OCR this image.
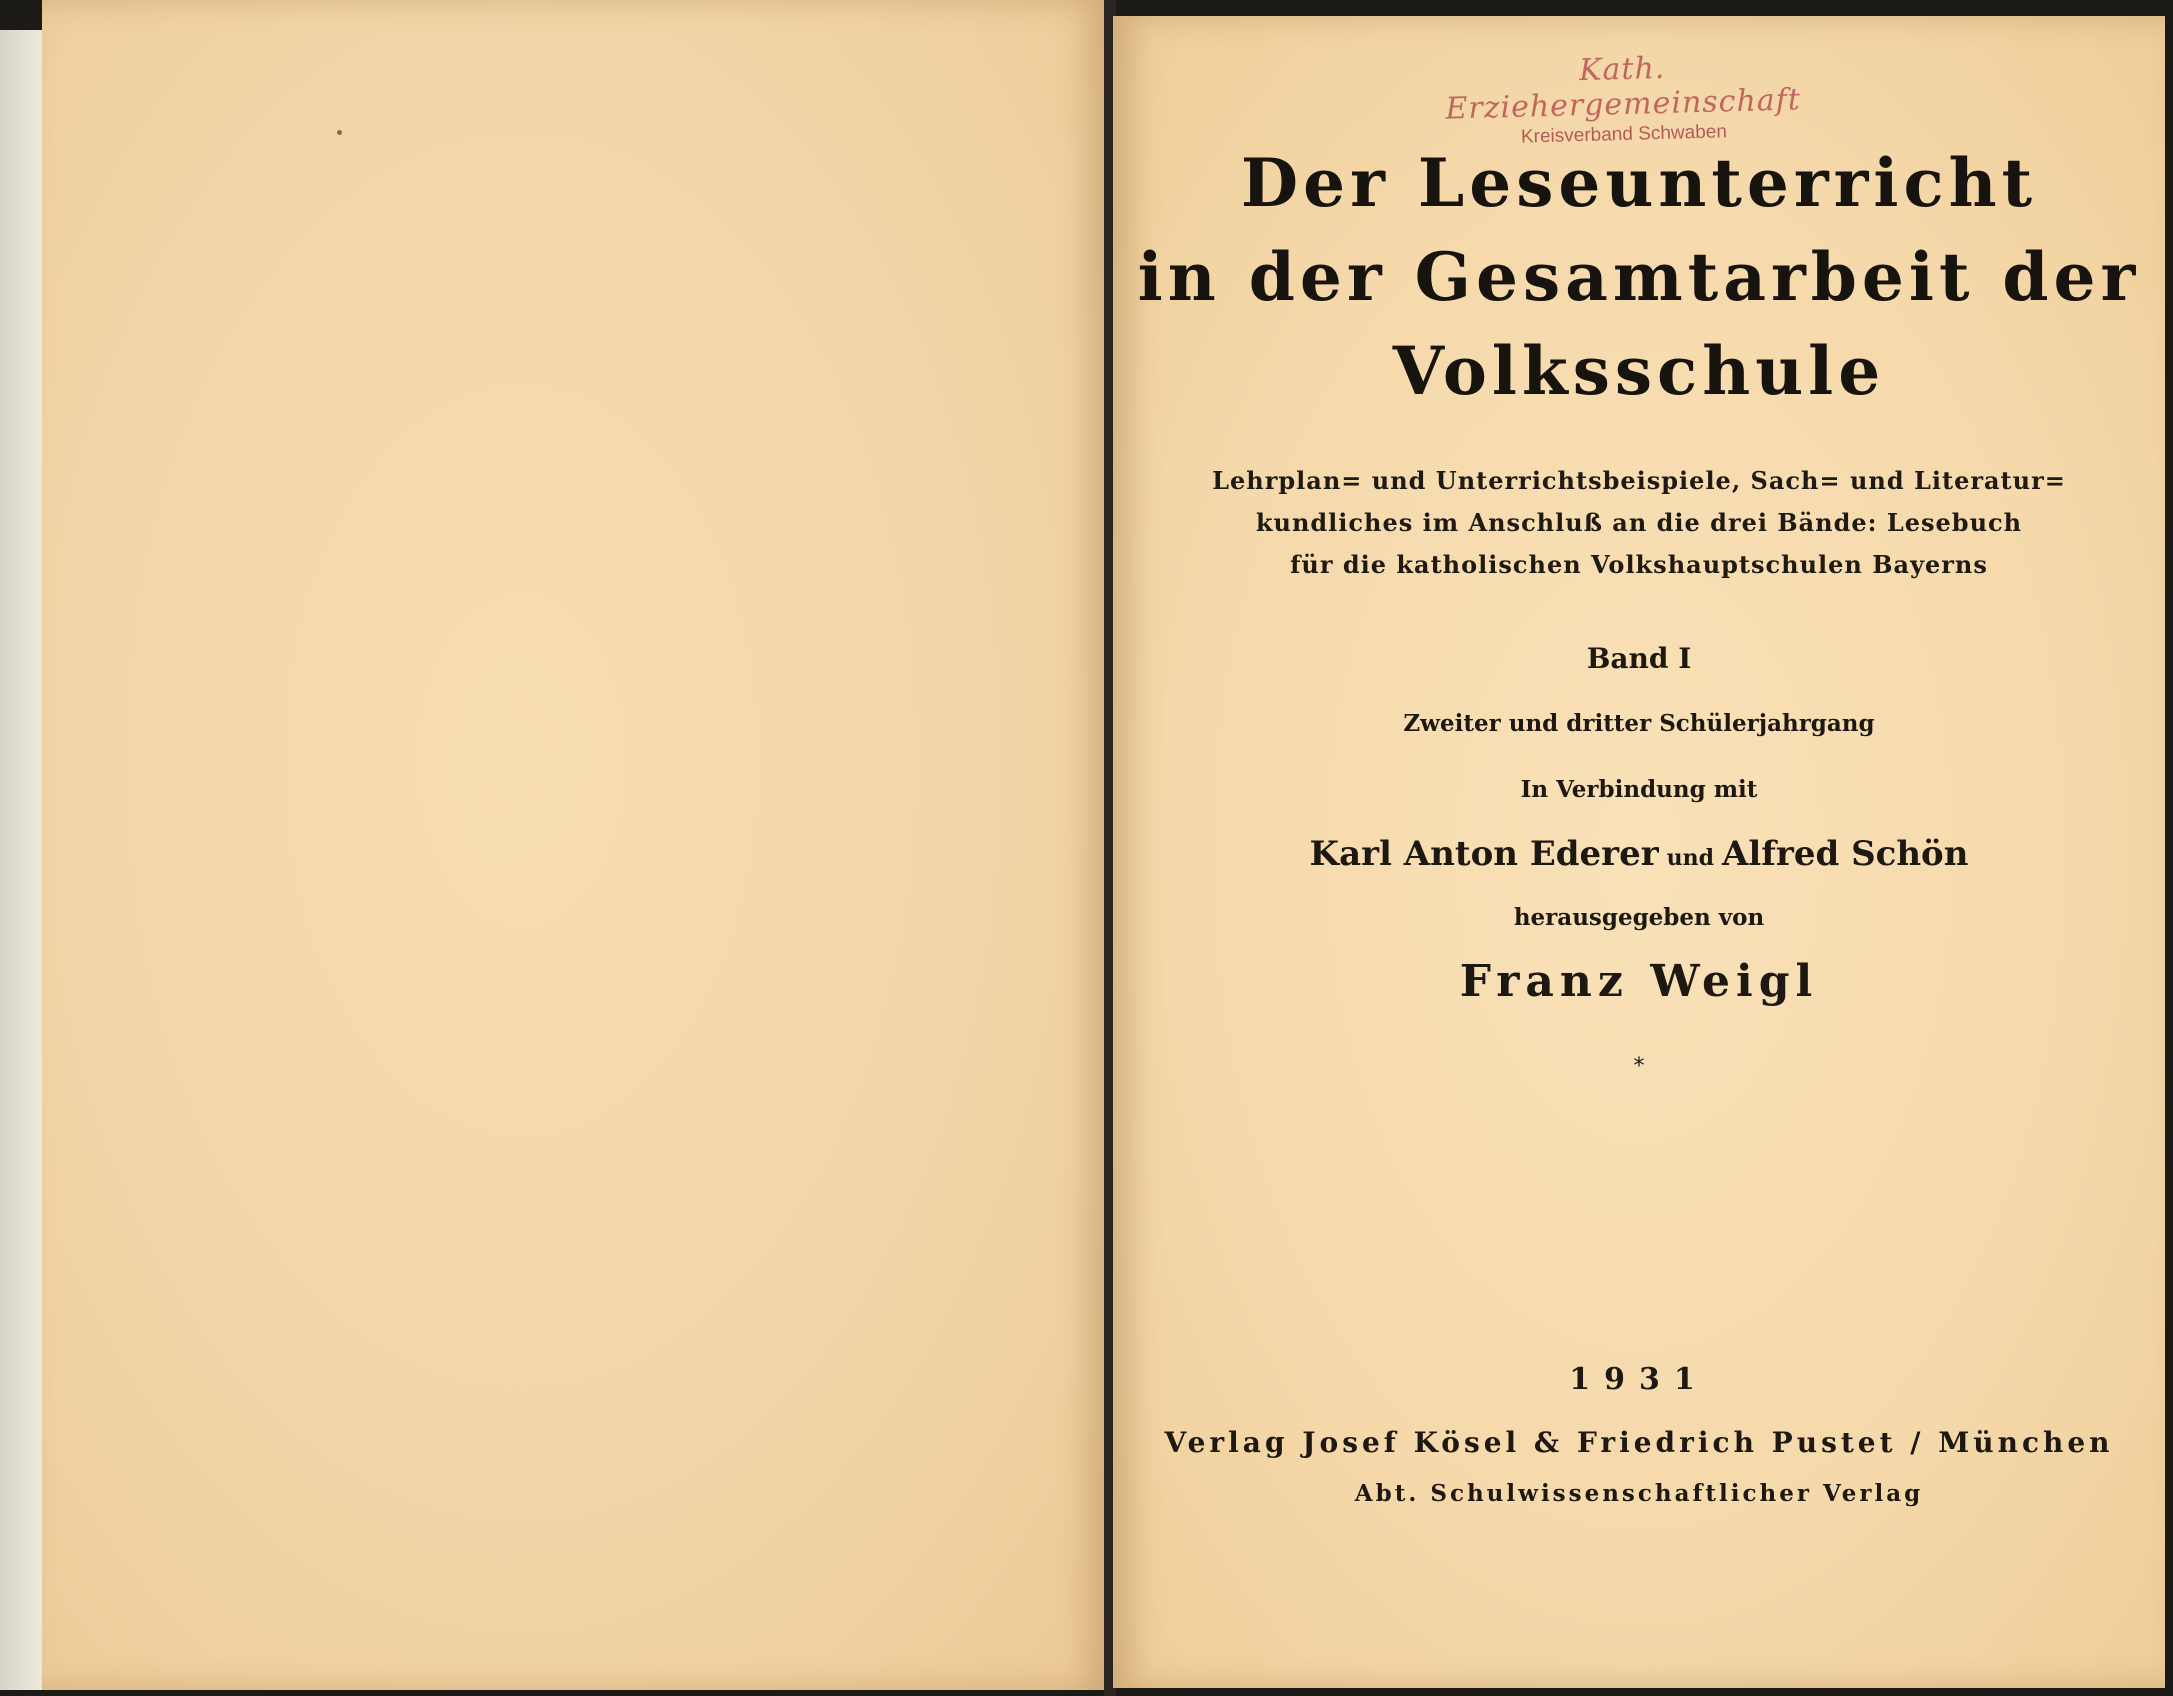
Kath. Erziehergemeinschaft
Kreisverband Schwaben
Der Leseunterricht
in der Gesamtarbeit der
Volksschule
Lehrplan= und Unterrichtsbeispiele, Sach= und Literatur=
kundliches im Anschluß an die drei Bände: Lesebuch
für die katholischen Volkshauptschulen Bayerns
Band I
Zweiter und dritter Schülerjahrgang
In Verbindung mit
Karl Anton Ederer und Alfred Schön
herausgegeben von
Franz Weigl
*
1931
Verlag Josef Kösel & Friedrich Pustet / München
Abt. Schulwissenschaftlicher Verlag
